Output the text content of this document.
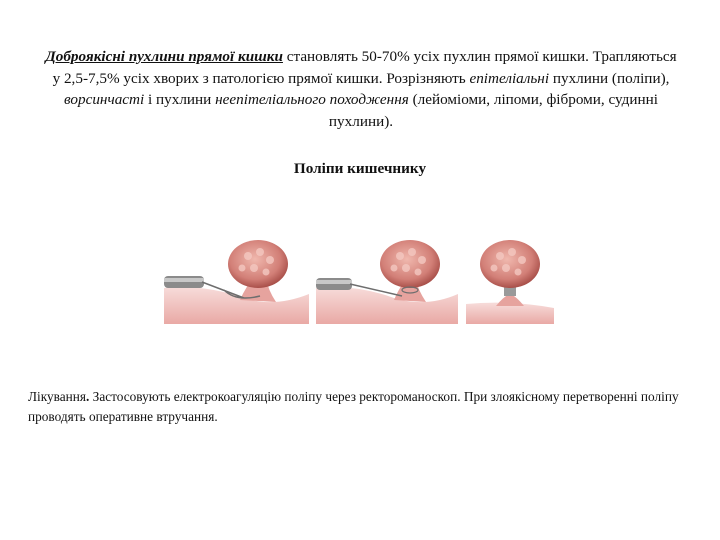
Доброякісні пухлини прямої кишки становлять 50-70% усіх пухлин прямої кишки. Трапляються у 2,5-7,5% усіх хворих з патологією прямої кишки. Розрізняють епітеліальні пухлини (поліпи), ворсинчасті і пухлини неепітеліального походження (лейоміоми, ліпоми, фіброми, судинні пухлини).
Поліпи кишечнику
Лікування. Застосовують електрокоагуляцію поліпу через ректороманоскоп. При злоякісному перетворенні поліпу проводять оперативне втручання.
